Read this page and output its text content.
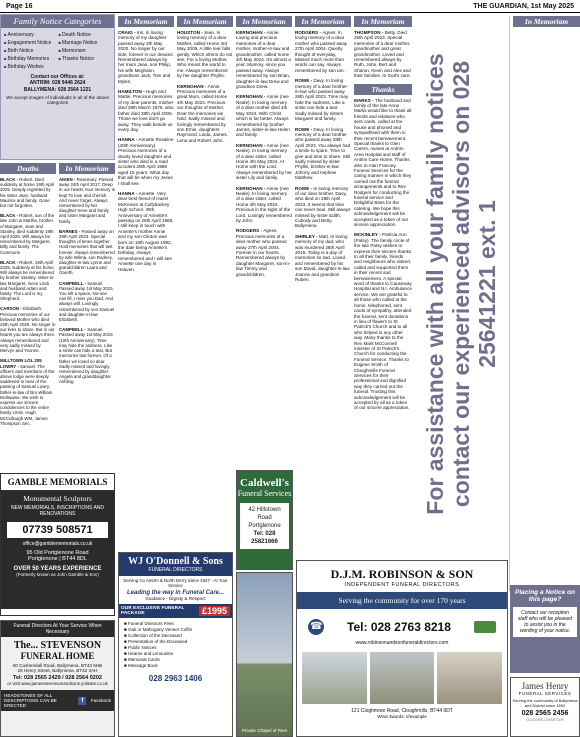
Page 16	THE GUARDIAN, 1st May 2025
Family Notice Categories
■ Anniversary	■ Death Notice
■ Engagement Notice	■ Marriage Notice
■ Birth Notice	■ Memoriam
■ Birthday Memories	■ Thanks Notice
■ Birthday Wishes
Contact our Offices at:
ANTRIM: 028 9446 2624
BALLYMENA: 028 2564 1221
We accept images of individuals in all of the above categories
Deaths
BLACK - Robert. Died suddenly at home 19th April 2025. Deeply regretted by his sister Jean, husband Maurice and family. Gone but not forgotten.
BLACK - Robert, son of the late John & Martha, brother of Margaret, Jean and Stanley, died suddenly 19th April 2025. Will always be remembered by Margaret, Billy and family. The Commons
BLACK - Robert, 19th April 2025, suddenly at his home. Will always be remembered by brother Stanley, sister-in-law Margaret, niece Lindi and husband Adam and family. The Lord is my Shepherd.
CARSON - Elizabeth. Precious memories of our beloved Mother who died 25th April 2025. No longer in our lives to share, But in our hearts you are always there. Always remembered and very sadly missed by Mervyn and Yvonne.
MILLTOWN LOL 205 LOWRY - Samuel. The officers and members of the above lodge were deeply saddened to hear of the passing of Samuel Lowry, father-in-law of Bro William McIlwaine. We wish to express our sincere condolences to the entire family circle. Hugh McCullough WM, James Thompson Sec.
In Memoriam
AIKEN - Rosemary. Passed away 24th April 2017. Deep in our hearts Your memory is kept To love and cherish And never forget. Always remembered by her daughter Irene and family and sister Margaret and family.
BARNES - Passed away on 28th April 2023. Special thoughts of times together, Hold memories that will last forever. Always remembered by wife Wilma, son Rodney, daughter-in-law Lynne and grandchildren Laura and Gareth.
CAMPBELL - Samuel. Passed away 1st May 2015. You left a space, No-one can fill, I miss you Dad, And always will. Lovingly remembered by son Samuel and daughter-in-law Elizabeth.
CAMPBELL - Samuel. Passed away 1st May 2015 (10th Anniversary). Time may hide the sadness, Like a smile can hide a tear, But memories last forever, Of a father we loved so dear. Sadly missed and lovingly remembered by daughter Angela and granddaughter Ashling.
GAMBLE MEMORIALS
Monumental Sculptors
NEW MEMORIALS, INSCRIPTIONS AND RENOVATIONS
07739 508571
office@gamblememorials.co.uk
95 Old Portglenone Road
Portglenone | BT44 8DL
OVER 50 YEARS EXPERIENCE
(Formerly known as John Gamble & Son)
Funeral Directors At Your Service When Necessary
The... STEVENSON
FUNERAL HOME
50 Cushendall Road, Ballymena, BT43 6HB
26 Henry Street, Ballymena, BT42 3AH
Tel: 028 2565 2429 / 028 2564 0202
or visit www.jamesstevensonandsons.yolasite.co.uk
HEADSTONES OF ALL DESCRIPTIONS CAN BE ERECTED
f	Facebook
In Memoriam
CRAIG - Iris. In loving memory of my daughter passed away 4th May 2003. No longer by our side, forever in our dreams. Remembered always by her mum Jean, son Philip, his wife Meghann, grandsons Jack, Tom and Myles.
HAMILTON - Hugh and Mattie. Precious memories of my dear parents, mother died 28th March 1976, also father died 28th April 2006. Those we love don't go away, They walk beside us every day.
HANNA - Annette Rosaline (40th Anniversary). Precious memories of a dearly loved daughter and sister who died in a road accident 29th April 1985 aged 15 years. What day that will be when my Jesus I shall see.
HANNA - Annette. Very dear best friend of Hazel McKeown at Cullybackey High School. 40th Anniversary of Annette's passing on 29th April 1985. I still keep in touch with Annette's mother Annie and my son Clinton was born on 19th August 1992, the date being Annette's birthday. Always remembered and I will see Annette one day in Heaven.
In Memoriam
HOUSTON - Jean. In loving memory of a dear Mother, called Home 3rd May 2005. A little tear falls gently, Which others do not see, For a loving Mother, Who meant the world to me. Always remembered by her daughter Phyllis.
KERNOHAN - Annie. Precious memories of a great Mum, called Home 4th May 2024. Precious our thoughts of Mother, Dear the memories we hold. Sadly missed and lovingly remembered by son Ernie, daughters Raymond, Linda, James, Lena and Robert John.
In Memoriam
KERNOHAN - Annie. Loving and precious memories of a dear mother, mother-in-law and grandmother, called home 4th May 2024. It's almost a year, Mummy, since you passed away. Always remembered by son Brian, daughter-in-law Drew and grandson Drew.
KERNOHAN - Annie (nee Neale). In loving memory of a dear mother died 4th May 2024. With Christ which is far better. Always remembered by brother James, sister-in-law Helen and family.
KERNOHAN - Annie (nee Neale). In loving memory of a dear sister, called Home 4th May 2024. At Home with the Lord. Always remembered by her sister Lily and family.
KERNOHAN - Annie (nee Neale). In loving memory of a dear sister, called Home 4th May 2024. Precious in the sight of the Lord. Lovingly remembered by John.
RODGERS - Agnes. Precious memories of a dear mother who passed away 27th April 2004. Forever in our hearts. Remembered always by daughter Margaret, son-in-law Timmy and grandchildren.
In Memoriam
RODGERS - Agnes. In loving memory of a dear mother who passed away 27th April 2004. Quietly thought of everyday, Missed much more than words can say. Always remembered by son Ian.
ROWE - Davy. In loving memory of a dear brother-in-law who passed away 28th April 2023. Time may hide the sadness, Like a smile can hide a tear. Sadly missed by sisters Margaret and family.
ROWE - Davy. In loving memory of a dear brother who passed away 28th April 2023. You always had a smile to spare, Time to give and time to share. Still sadly missed by sister Phyllis, brother-in-law Johnny and nephew Matthew.
ROWE - In loving memory of our dear brother, Davy, who died on 28th April 2023. It seems that time can never heal. Still always missed by sister Edith, Cubody and Betty, Ballymena.
SHIRLEY - Matt. In loving memory of my dad, who was murdered 28th April 2015. Today is a day of memories so sad. Loved and remembered by his son David, daughter-in-law Joanne and grandson Ruben.
In Memoriam
THOMPSON - Betty. Died 25th April 2023. Special memories of a dear mother, grandmother and great grandmother. Loved and remembered always by Ruth, John, Bert and Sharon, Kevin and Alex and their families. In God's care.
Thanks
MARKS - The husband and family of the late Anne Marks would like to thank all friends and relatives who sent cards, called at the house and phoned and sympathised with them in their recent bereavement. Special thanks to Glen Carers, nurses at Antrim Area Hospital and staff of Antrim Care Home. Thanks also to Alan Francey, Funeral Services for the caring manner in which they carried out the funeral arrangements and to Rev Rodgers for conducting the funeral service and Delightful Bites for the catering. We hope this acknowledgement will be accepted as a token of our sincere appreciation.
MCKINLEY - Patricia Ann (Patsy). The family circle of the late Patsy wishes to express their sincere thanks to all their family, friends and neighbours who visited, called and supported them in their recent sad bereavement. A special word of thanks to Causeway Hospital and N.I. Ambulance service. We are grateful to all those who called at the home, telephoned, sent cards of sympathy, attended the funeral, sent donations in lieu of flowers to St Patrick's Church and to all who helped in any other way. Many thanks to the Rev Mark McConnell minister of St Patrick's Church for conducting the Funeral Service. Thanks to Eugene Smith of Cloughmills Funeral Services for their professional and dignified way they carried out the funeral. Trusting this acknowledgement will be accepted by all as a token of our sincere appreciation. For assistance with all your family notices contact our experienced advisors on 028 25641221 ext. 1
In Memoriam
Placing a Notice on this page?
Contact our reception staff who will be pleased to assist you in the wording of your notice.
WJ O'Donnell & Sons
FUNERAL DIRECTORS
Serving Co Antrim & North Derry Since 1947 - At Your Service
Leading the way in Funeral Care...
Guidance - Dignity & Respect
OUR EXCLUSIVE FUNERAL PACKAGE	£1995
■ Funeral Directors Fees
■ Oak or Mahogany Veneer Coffin
■ Collection of the Deceased
■ Presentation of the Deceased
■ Public Notices
■ Hearse and Limousine
■ Memorial Cards
■ Message Book
028 2963 1406
Caldwell's
Funeral Services
42 Hillstown Road
Portglenone
Tel: 028 25821666
Private Chapel of Rest
D.J.M. ROBINSON & SON
INDEPENDENT FUNERAL DIRECTORS
Serving the community for over 170 years
☎ Tel: 028 2763 8218
www.robinsonandsonfuneraldirectors.com
121 Cloghmore Road, Cloughmills, BT44 9DT
What 3words: ///example
James Henry
FUNERAL SERVICES
Serving the community of Ballymena and District since 1892
028 2565 2456
GOLDEN CHARTER
